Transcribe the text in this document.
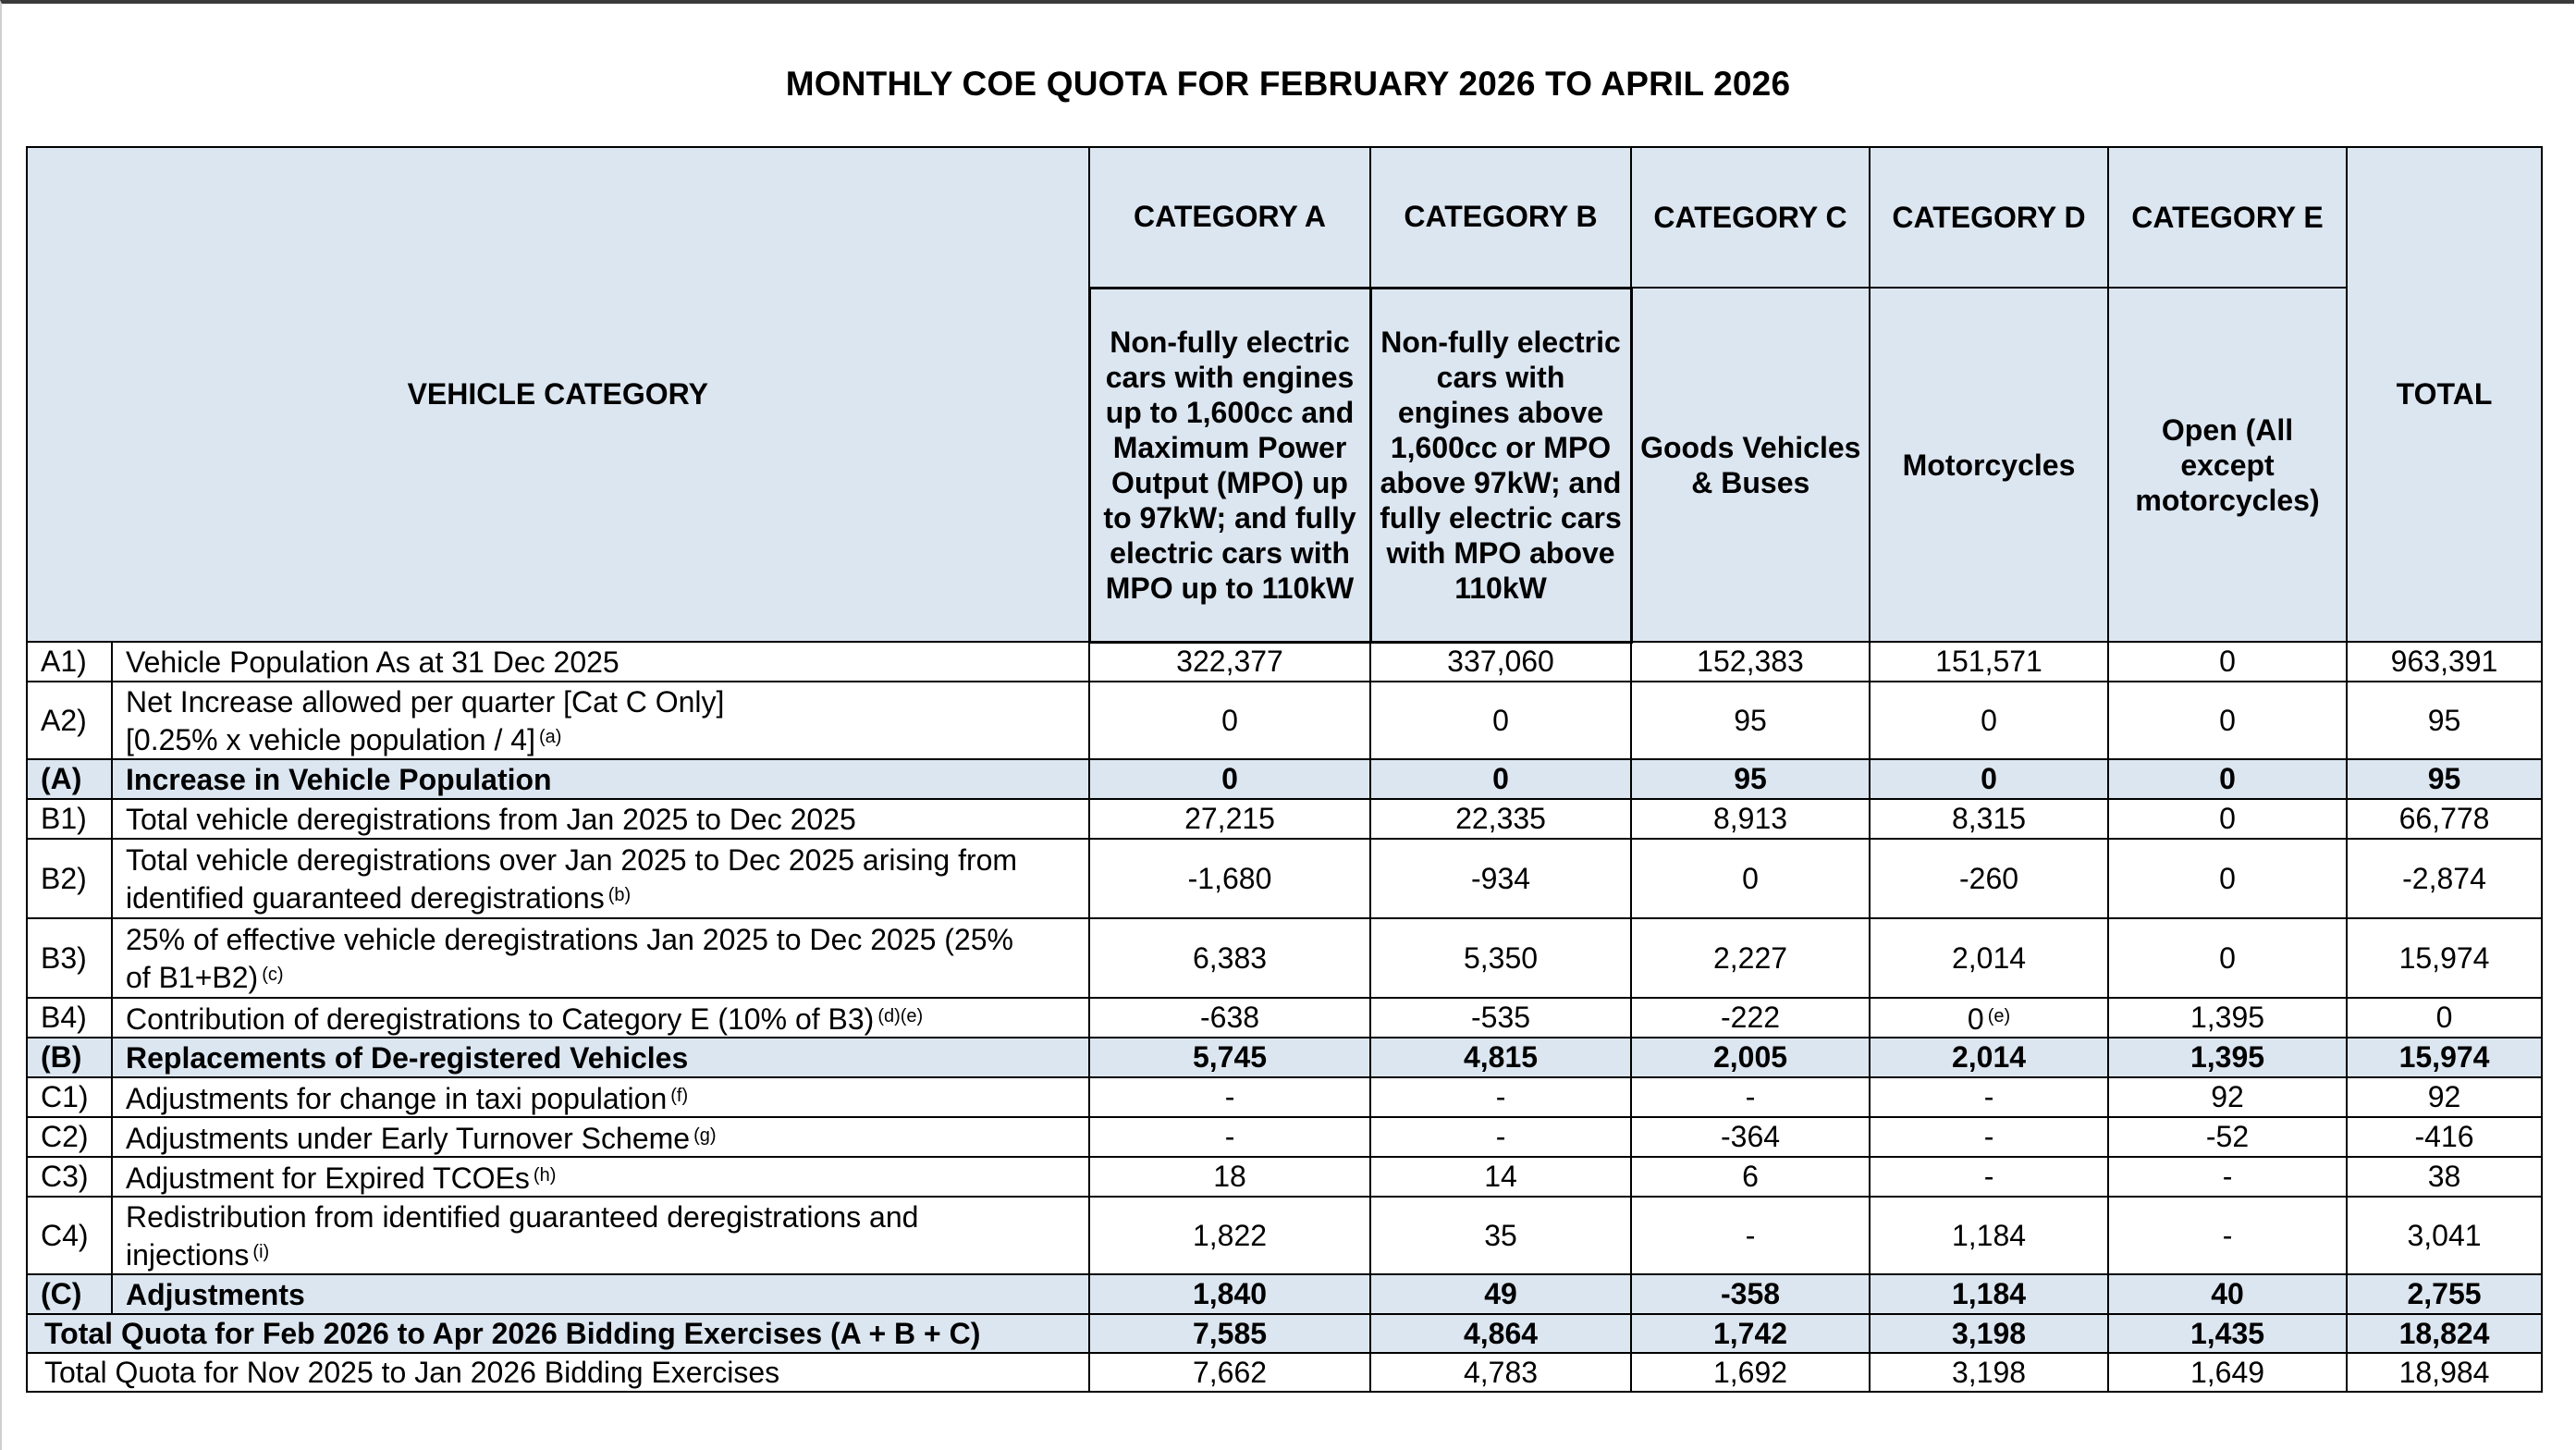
MONTHLY COE QUOTA FOR FEBRUARY 2026 TO APRIL 2026
VEHICLE CATEGORY		CATEGORY A	CATEGORY B	CATEGORY C	CATEGORY D	CATEGORY E	TOTAL
		Non-fully electric cars with engines up to 1,600cc and Maximum Power Output (MPO) up to 97kW; and fully electric cars with MPO up to 110kW	Non-fully electric cars with engines above 1,600cc or MPO above 97kW; and fully electric cars with MPO above 110kW	Goods Vehicles & Buses	Motorcycles	Open (All except motorcycles)	
A1)	Vehicle Population As at 31 Dec 2025	322,377	337,060	152,383	151,571	0	963,391
A2)	Net Increase allowed per quarter [Cat C Only]
[0.25% x vehicle population / 4] $^{(a)}$	0	0	95	0	0	95
(A)	Increase in Vehicle Population	0	0	95	0	0	95
B1)	Total vehicle deregistrations from Jan 2025 to Dec 2025	27,215	22,335	8,913	8,315	0	66,778
B2)	Total vehicle deregistrations over Jan 2025 to Dec 2025 arising from
identified guaranteed deregistrations $^{(b)}$	-1,680	-934	0	-260	0	-2,874
B3)	25% of effective vehicle deregistrations Jan 2025 to Dec 2025 (25%
of B1+B2) $^{(c)}$	6,383	5,350	2,227	2,014	0	15,974
B4)	Contribution of deregistrations to Category E (10% of B3) $^{(d)(e)}$	-638	-535	-222	0 $^{(e)}$	1,395	0
(B)	Replacements of De-registered Vehicles	5,745	4,815	2,005	2,014	1,395	15,974
C1)	Adjustments for change in taxi population $^{(f)}$	-	-	-	-	92	92
C2)	Adjustments under Early Turnover Scheme $^{(g)}$	-	-	-364	-	-52	-416
C3)	Adjustment for Expired TCOEs $^{(h)}$	18	14	6	-	-	38
C4)	Redistribution from identified guaranteed deregistrations and
injections $^{(i)}$	1,822	35	-	1,184	-	3,041
(C)	Adjustments	1,840	49	-358	1,184	40	2,755
Total Quota for Feb 2026 to Apr 2026 Bidding Exercises (A + B + C)		7,585	4,864	1,742	3,198	1,435	18,824
Total Quota for Nov 2025 to Jan 2026 Bidding Exercises		7,662	4,783	1,692	3,198	1,649	18,984
